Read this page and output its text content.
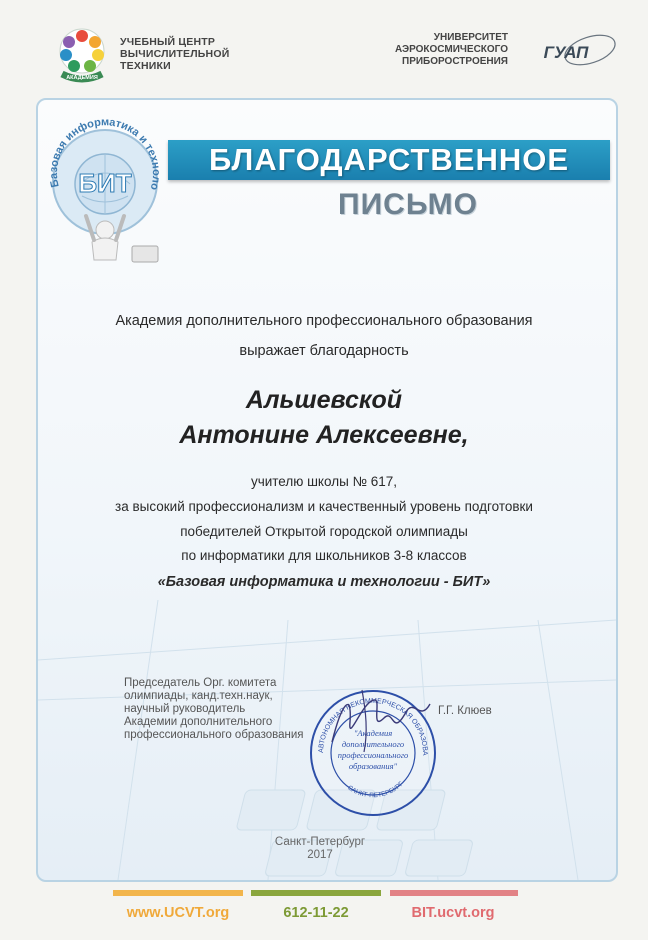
АКАДЕМИЯ
УЧЕБНЫЙ ЦЕНТР
ВЫЧИСЛИТЕЛЬНОЙ
ТЕХНИКИ
УНИВЕРСИТЕТ
АЭРОКОСМИЧЕСКОГО
ПРИБОРОСТРОЕНИЯ ГУАП
Базовая информатика и техноло
БИТ
БЛАГОДАРСТВЕННОЕ
ПИСЬМО
Академия дополнительного профессионального образования
выражает благодарность
Альшевской
Антонине Алексеевне,
учителю школы № 617,
за высокий профессионализм и качественный уровень подготовки
победителей Открытой городской олимпиады
по информатики для школьников 3-8 классов
«Базовая информатика и технологии - БИТ»
Председатель Орг. комитета
олимпиады, канд.техн.наук,
научный руководитель
Академии дополнительного
профессионального образования
АВТОНОМНАЯ НЕКОММЕРЧЕСКАЯ ОБРАЗОВА
САНКТ-ПЕТЕРБУРГ
"Академия
дополнительного
профессионального
образования"
Г.Г. Клюев
Санкт-Петербург
2017
www.UCVT.org	612-11-22	BIT.ucvt.org
